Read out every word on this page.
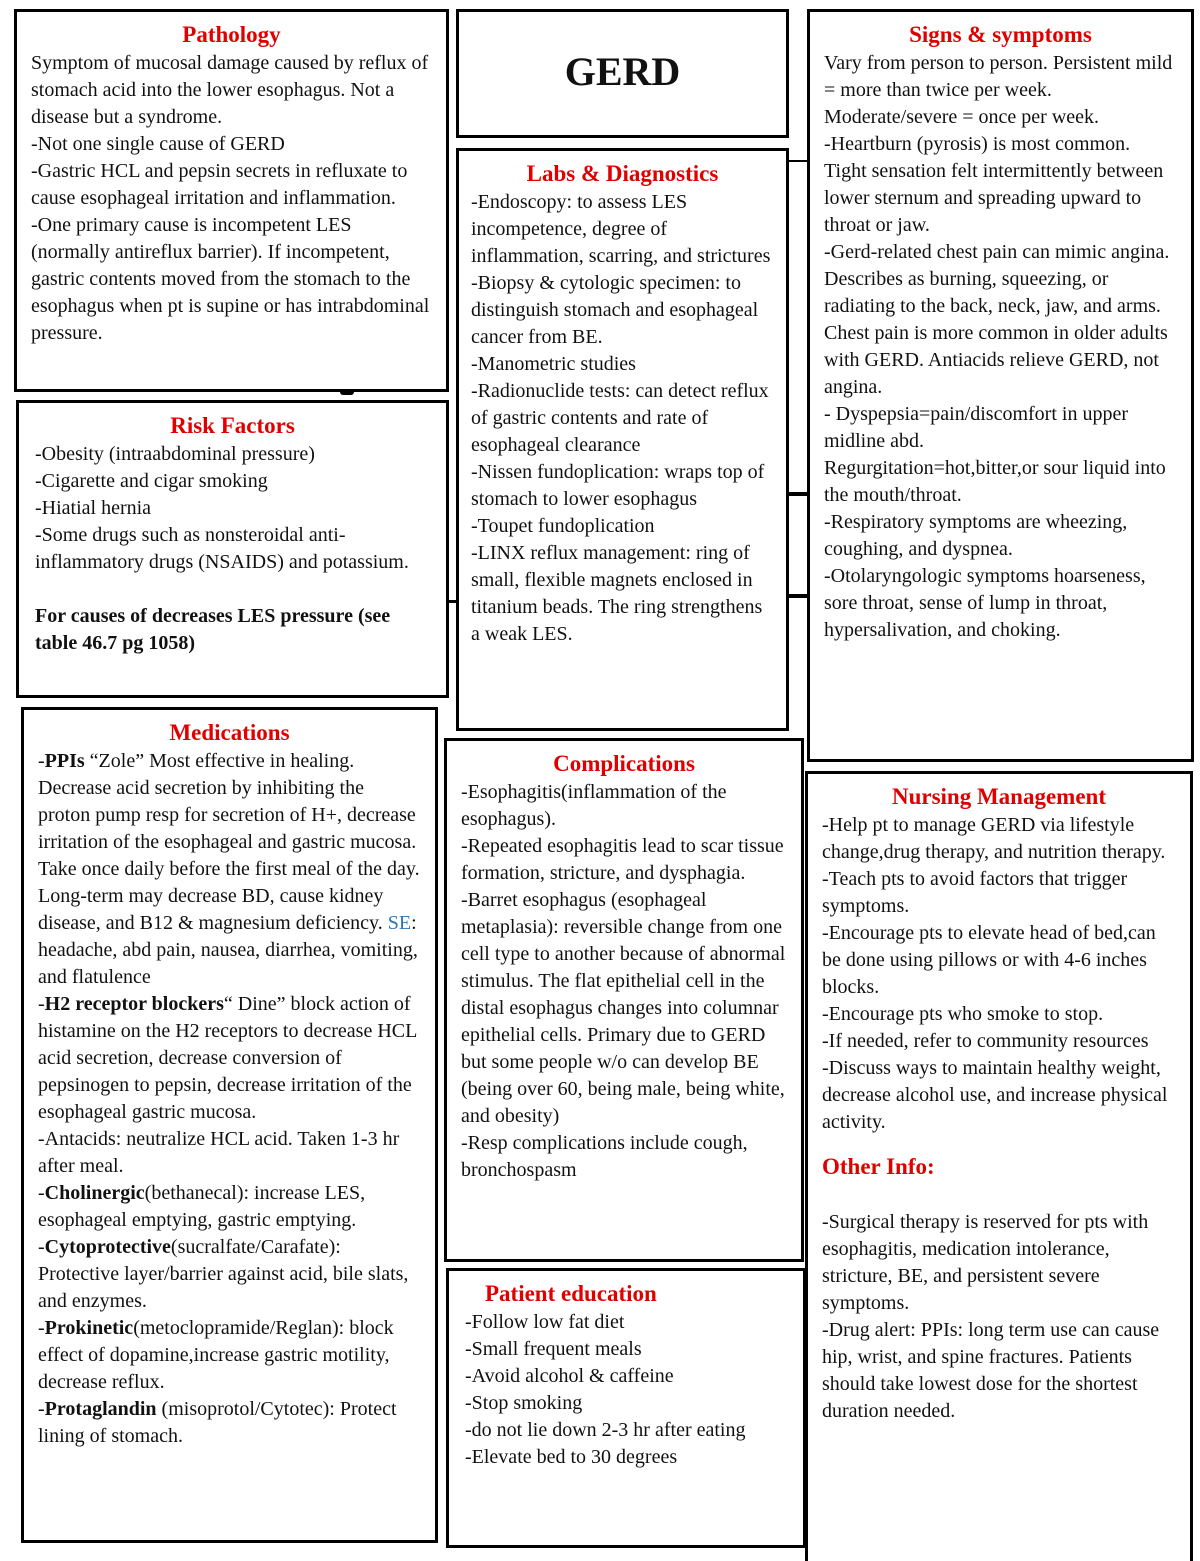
Pathology

Symptom of mucosal damage caused by reflux of stomach acid into the lower esophagus. Not a disease but a syndrome.

-Not one single cause of GERD

-Gastric HCL and pepsin secrets in refluxate to cause esophageal irritation and inflammation.

-One primary cause is incompetent LES (normally antireflux barrier). If incompetent, gastric contents moved from the stomach to the esophagus when pt is supine or has intrabdominal pressure.

GERD
Labs & Diagnostics

-Endoscopy: to assess LES incompetence, degree of inflammation, scarring, and strictures

-Biopsy & cytologic specimen: to distinguish stomach and esophageal cancer from BE.

-Manometric studies

-Radionuclide tests: can detect reflux of gastric contents and rate of esophageal clearance

-Nissen fundoplication: wraps top of stomach to lower esophagus

-Toupet fundoplication

-LINX reflux management: ring of small, flexible magnets enclosed in titanium beads. The ring strengthens a weak LES.

Signs & symptoms

Vary from person to person. Persistent mild = more than twice per week. Moderate/severe = once per week.

-Heartburn (pyrosis) is most common. Tight sensation felt intermittently between lower sternum and spreading upward to throat or jaw.

-Gerd-related chest pain can mimic angina. Describes as burning, squeezing, or radiating to the back, neck, jaw, and arms. Chest pain is more common in older adults with GERD. Antiacids relieve GERD, not angina.

- Dyspepsia=pain/discomfort in upper midline abd.

Regurgitation=hot,bitter,or sour liquid into the mouth/throat.

-Respiratory symptoms are wheezing, coughing, and dyspnea.

-Otolaryngologic symptoms hoarseness, sore throat, sense of lump in throat, hypersalivation, and choking.

Risk Factors

-Obesity (intraabdominal pressure)

-Cigarette and cigar smoking

-Hiatial hernia

-Some drugs such as nonsteroidal anti-inflammatory drugs (NSAIDS) and potassium.

For causes of decreases LES pressure (see table 46.7 pg 1058)

Medications

-PPIs “Zole” Most effective in healing. Decrease acid secretion by inhibiting the proton pump resp for secretion of H+, decrease irritation of the esophageal and gastric mucosa. Take once daily before the first meal of the day. Long-term may decrease BD, cause kidney disease, and B12 & magnesium deficiency. SE: headache, abd pain, nausea, diarrhea, vomiting, and flatulence

-H2 receptor blockers“ Dine” block action of histamine on the H2 receptors to decrease HCL acid secretion, decrease conversion of pepsinogen to pepsin, decrease irritation of the esophageal gastric mucosa.

-Antacids: neutralize HCL acid. Taken 1-3 hr after meal.

-Cholinergic(bethanecal): increase LES, esophageal emptying, gastric emptying.

-Cytoprotective(sucralfate/Carafate): Protective layer/barrier against acid, bile slats, and enzymes.

-Prokinetic(metoclopramide/Reglan): block effect of dopamine,increase gastric motility, decrease reflux.

-Protaglandin (misoprotol/Cytotec): Protect lining of stomach.

Complications

-Esophagitis(inflammation of the esophagus).

-Repeated esophagitis lead to scar tissue formation, stricture, and dysphagia.

-Barret esophagus (esophageal metaplasia): reversible change from one cell type to another because of abnormal stimulus. The flat epithelial cell in the distal esophagus changes into columnar epithelial cells. Primary due to GERD but some people w/o can develop BE (being over 60, being male, being white, and obesity)

-Resp complications include cough, bronchospasm

Patient education

-Follow low fat diet

-Small frequent meals

-Avoid alcohol & caffeine

-Stop smoking

-do not lie down 2-3 hr after eating

-Elevate bed to 30 degrees

Nursing Management

-Help pt to manage GERD via lifestyle change,drug therapy, and nutrition therapy.

-Teach pts to avoid factors that trigger symptoms.

-Encourage pts to elevate head of bed,can be done using pillows or with 4-6 inches blocks.

-Encourage pts who smoke to stop.

-If needed, refer to community resources

-Discuss ways to maintain healthy weight, decrease alcohol use, and increase physical activity.

Other Info:

-Surgical therapy is reserved for pts with esophagitis, medication intolerance, stricture, BE, and persistent severe symptoms.

-Drug alert: PPIs: long term use can cause hip, wrist, and spine fractures. Patients should take lowest dose for the shortest duration needed.
